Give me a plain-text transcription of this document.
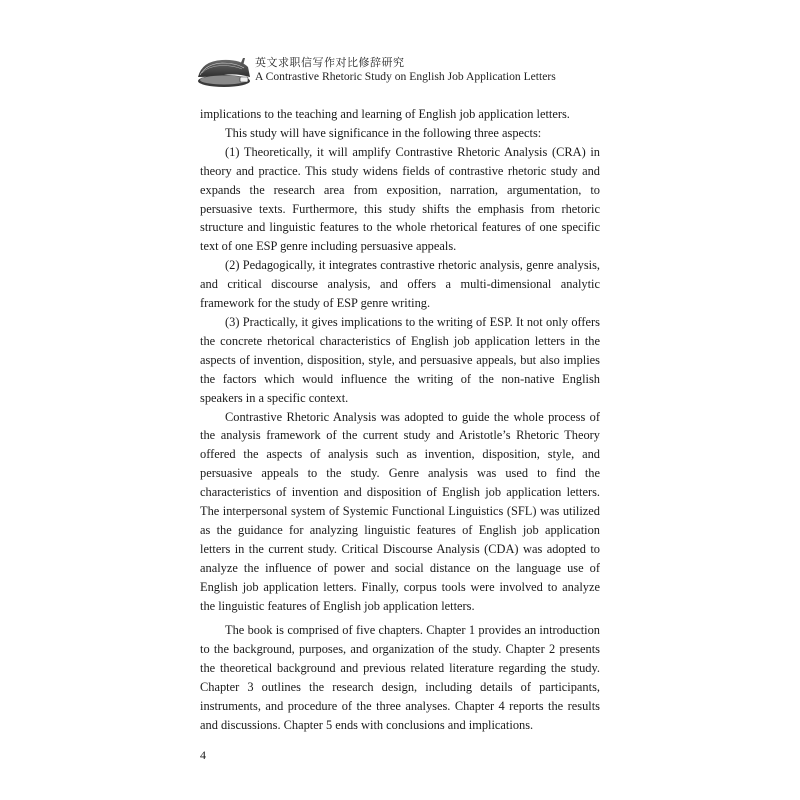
英文求职信写作对比修辞研究
A Contrastive Rhetoric Study on English Job Application Letters

implications to the teaching and learning of English job application letters.

This study will have significance in the following three aspects:

(1) Theoretically, it will amplify Contrastive Rhetoric Analysis (CRA) in theory and practice. This study widens fields of contrastive rhetoric study and expands the research area from exposition, narration, argumentation, to persuasive texts. Furthermore, this study shifts the emphasis from rhetoric structure and linguistic features to the whole rhetorical features of one specific text of one ESP genre including persuasive appeals.

(2) Pedagogically, it integrates contrastive rhetoric analysis, genre analysis, and critical discourse analysis, and offers a multi-dimensional analytic framework for the study of ESP genre writing.

(3) Practically, it gives implications to the writing of ESP. It not only offers the concrete rhetorical characteristics of English job application letters in the aspects of invention, disposition, style, and persuasive appeals, but also implies the factors which would influence the writing of the non-native English speakers in a specific context.

Contrastive Rhetoric Analysis was adopted to guide the whole process of the analysis framework of the current study and Aristotle’s Rhetoric Theory offered the aspects of analysis such as invention, disposition, style, and persuasive appeals to the study. Genre analysis was used to find the characteristics of invention and disposition of English job application letters. The interpersonal system of Systemic Functional Linguistics (SFL) was utilized as the guidance for analyzing linguistic features of English job application letters in the current study. Critical Discourse Analysis (CDA) was adopted to analyze the influence of power and social distance on the language use of English job application letters. Finally, corpus tools were involved to analyze the linguistic features of English job application letters.

The book is comprised of five chapters. Chapter 1 provides an introduction to the background, purposes, and organization of the study. Chapter 2 presents the theoretical background and previous related literature regarding the study. Chapter 3 outlines the research design, including details of participants, instruments, and procedure of the three analyses. Chapter 4 reports the results and discussions. Chapter 5 ends with conclusions and implications.

4
